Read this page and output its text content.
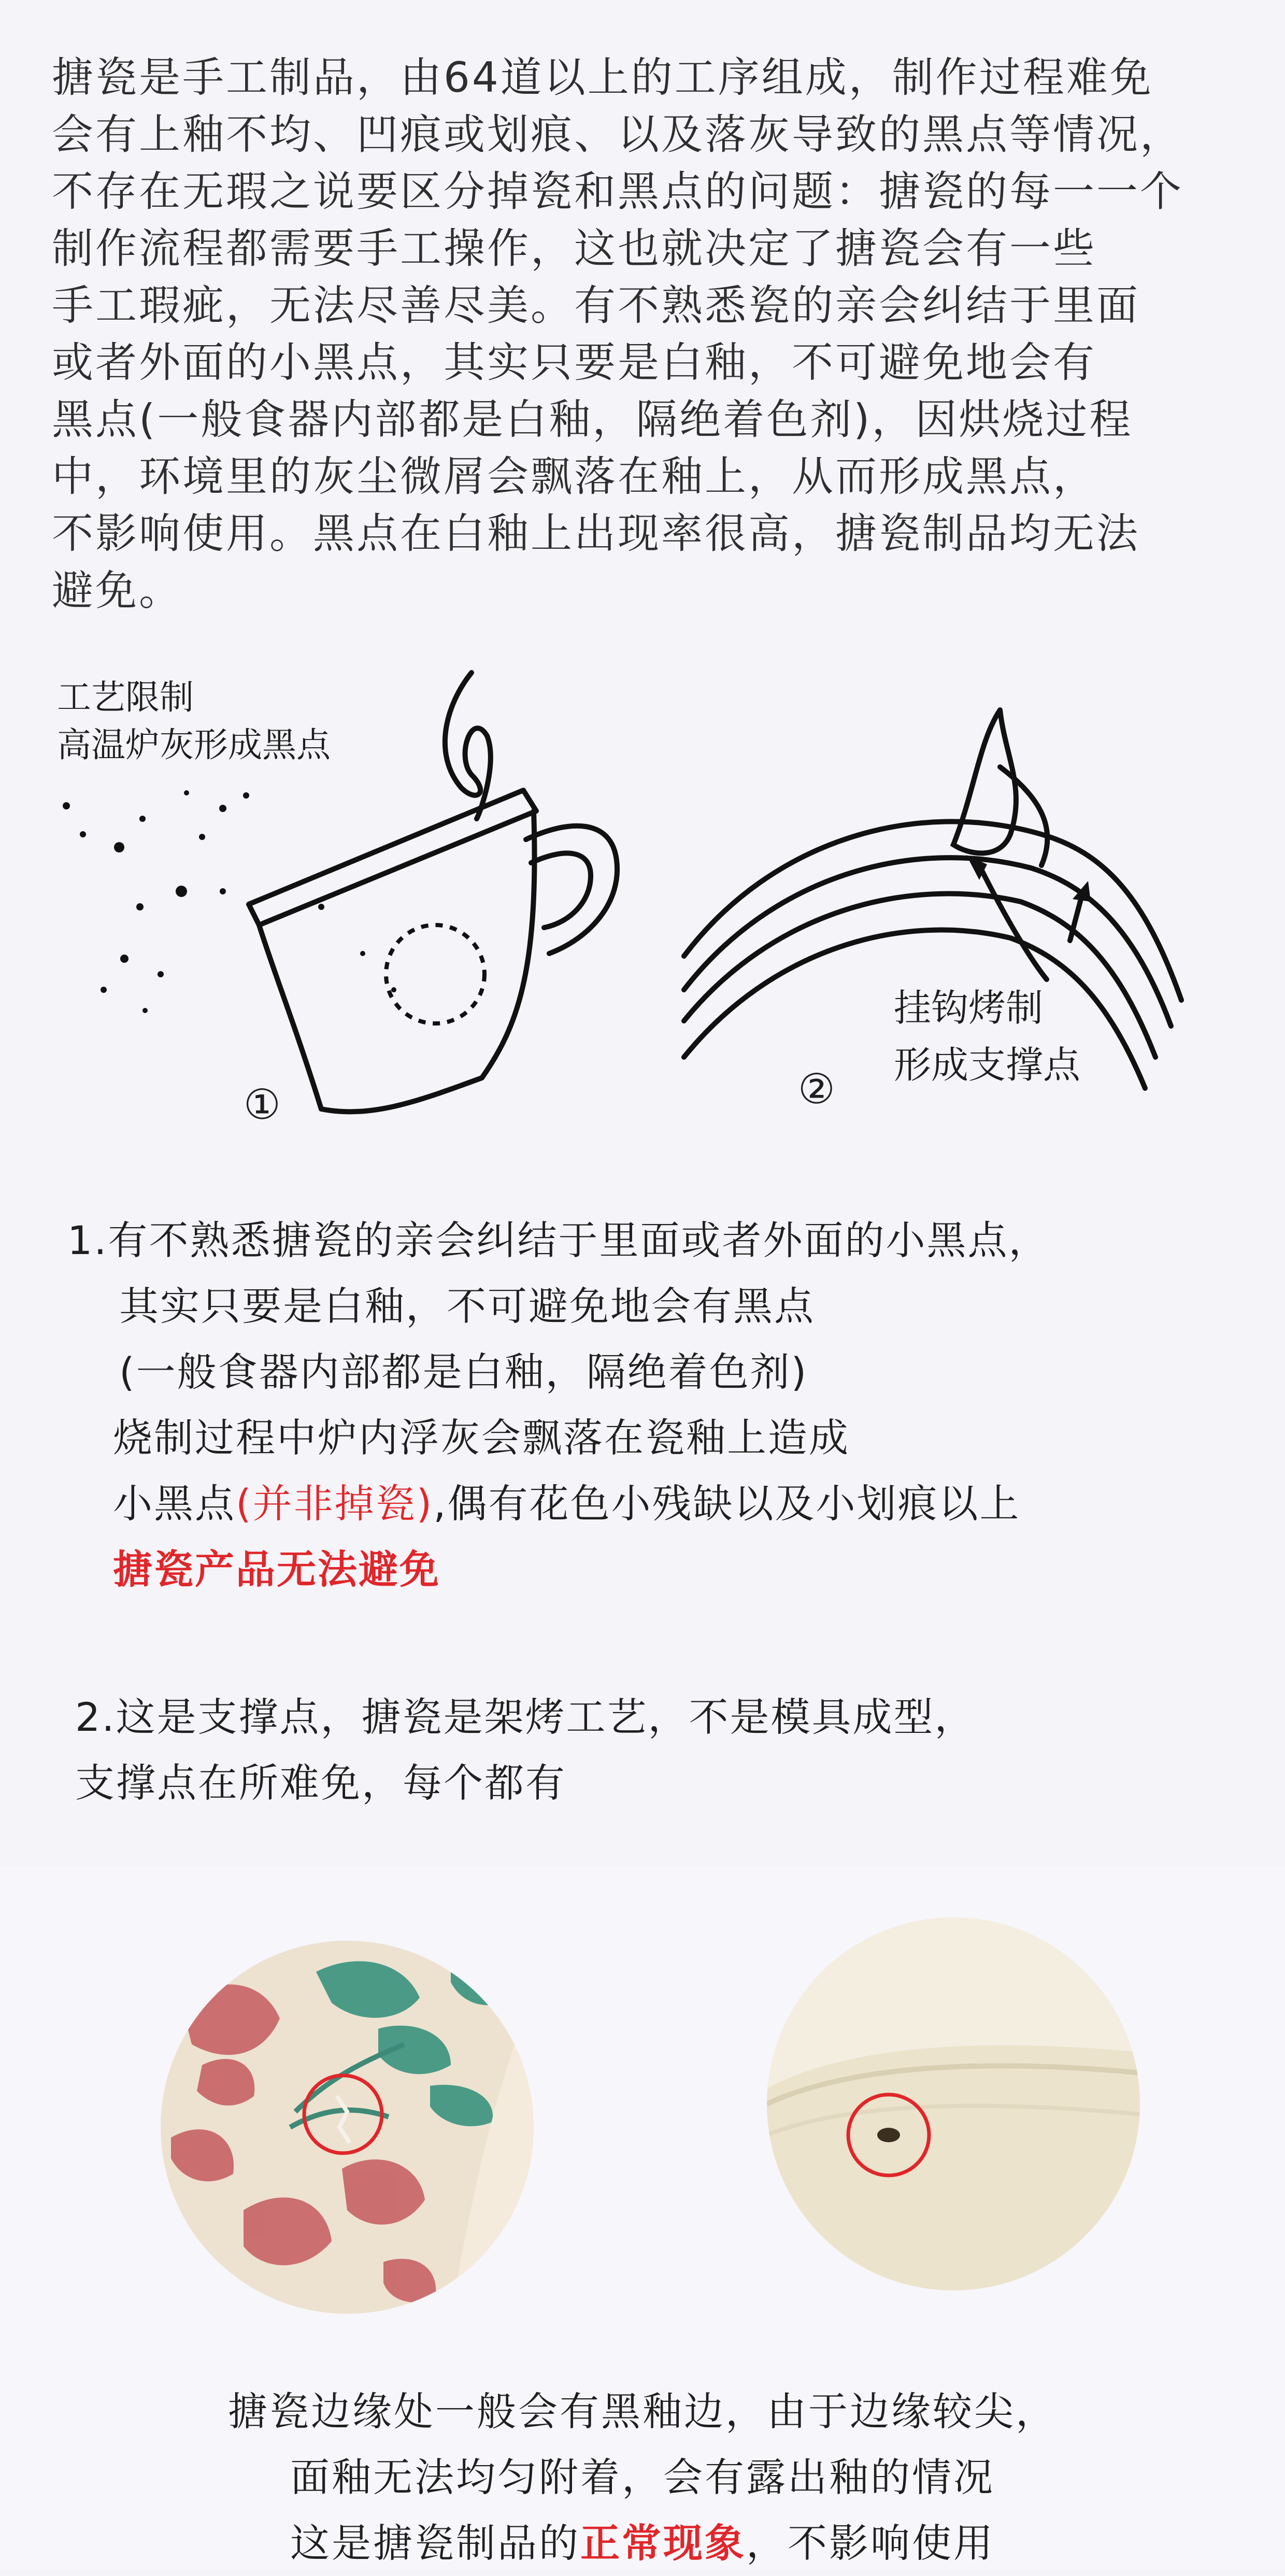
搪瓷是手工制品，由64道以上的工序组成，制作过程难免
会有上釉不均、凹痕或划痕、以及落灰导致的黑点等情况，
不存在无瑕之说要区分掉瓷和黑点的问题：搪瓷的每一一个
制作流程都需要手工操作，这也就决定了搪瓷会有一些
手工瑕疵，无法尽善尽美。有不熟悉瓷的亲会纠结于里面
或者外面的小黑点，其实只要是白釉，不可避免地会有
黑点(一般食器内部都是白釉，隔绝着色剂)，因烘烧过程
中，环境里的灰尘微屑会飘落在釉上，从而形成黑点，
不影响使用。黑点在白釉上出现率很高，搪瓷制品均无法
避免。
工艺限制
高温炉灰形成黑点
①
挂钩烤制
形成支撑点
②
1.有不熟悉搪瓷的亲会纠结于里面或者外面的小黑点，
其实只要是白釉，不可避免地会有黑点
(一般食器内部都是白釉，隔绝着色剂)
烧制过程中炉内浮灰会飘落在瓷釉上造成
小黑点(并非掉瓷),偶有花色小残缺以及小划痕以上
搪瓷产品无法避免
2.这是支撑点，搪瓷是架烤工艺，不是模具成型，
支撑点在所难免，每个都有
搪瓷边缘处一般会有黑釉边，由于边缘较尖，
面釉无法均匀附着，会有露出釉的情况
这是搪瓷制品的正常现象，不影响使用
